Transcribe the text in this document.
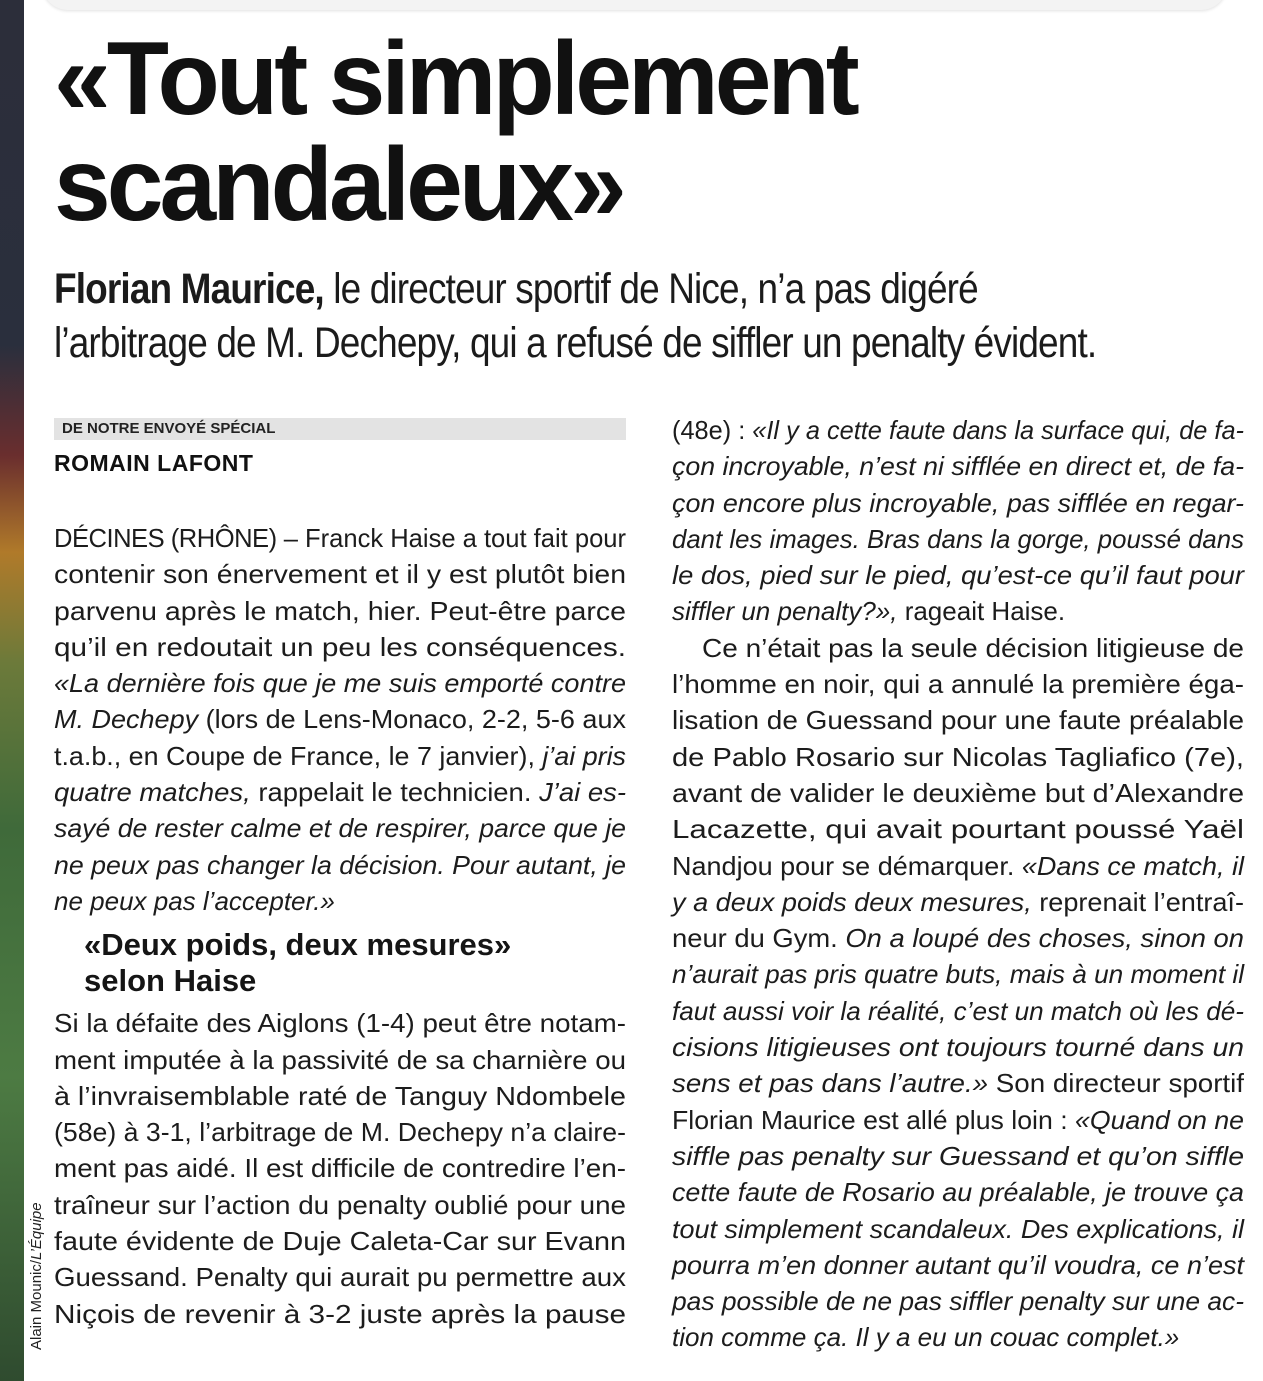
«Tout simplement
scandaleux»

Florian Maurice, le directeur sportif de Nice, n’a pas digéré
l’arbitrage de M. Dechepy, qui a refusé de siffler un penalty évident.

DE NOTRE ENVOYÉ SPÉCIAL
ROMAIN LAFONT
DÉCINES (RHÔNE) – Franck Haise a tout fait pour
contenir son énervement et il y est plutôt bien
parvenu après le match, hier. Peut-être parce
qu’il en redoutait un peu les conséquences.
«La dernière fois que je me suis emporté contre
M. Dechepy (lors de Lens-Monaco, 2-2, 5-6 aux
t.a.b., en Coupe de France, le 7 janvier), j’ai pris
quatre matches, rappelait le technicien. J’ai es-
sayé de rester calme et de respirer, parce que je
ne peux pas changer la décision. Pour autant, je
ne peux pas l’accepter.»
«Deux poids, deux mesures»
selon Haise
Si la défaite des Aiglons (1-4) peut être notam-
ment imputée à la passivité de sa charnière ou
à l’invraisemblable raté de Tanguy Ndombele
(58e) à 3-1, l’arbitrage de M. Dechepy n’a claire-
ment pas aidé. Il est difficile de contredire l’en-
traîneur sur l’action du penalty oublié pour une
faute évidente de Duje Caleta-Car sur Evann
Guessand. Penalty qui aurait pu permettre aux
Niçois de revenir à 3-2 juste après la pause
(48e) : «Il y a cette faute dans la surface qui, de fa-
çon incroyable, n’est ni sifflée en direct et, de fa-
çon encore plus incroyable, pas sifflée en regar-
dant les images. Bras dans la gorge, poussé dans
le dos, pied sur le pied, qu’est-ce qu’il faut pour
siffler un penalty?», rageait Haise.
Ce n’était pas la seule décision litigieuse de
l’homme en noir, qui a annulé la première éga-
lisation de Guessand pour une faute préalable
de Pablo Rosario sur Nicolas Tagliafico (7e),
avant de valider le deuxième but d’Alexandre
Lacazette, qui avait pourtant poussé Yaël
Nandjou pour se démarquer. «Dans ce match, il
y a deux poids deux mesures, reprenait l’entraî-
neur du Gym. On a loupé des choses, sinon on
n’aurait pas pris quatre buts, mais à un moment il
faut aussi voir la réalité, c’est un match où les dé-
cisions litigieuses ont toujours tourné dans un
sens et pas dans l’autre.» Son directeur sportif
Florian Maurice est allé plus loin : «Quand on ne
siffle pas penalty sur Guessand et qu’on siffle
cette faute de Rosario au préalable, je trouve ça
tout simplement scandaleux. Des explications, il
pourra m’en donner autant qu’il voudra, ce n’est
pas possible de ne pas siffler penalty sur une ac-
tion comme ça. Il y a eu un couac complet.»
Alain Mounic/L’Équipe
